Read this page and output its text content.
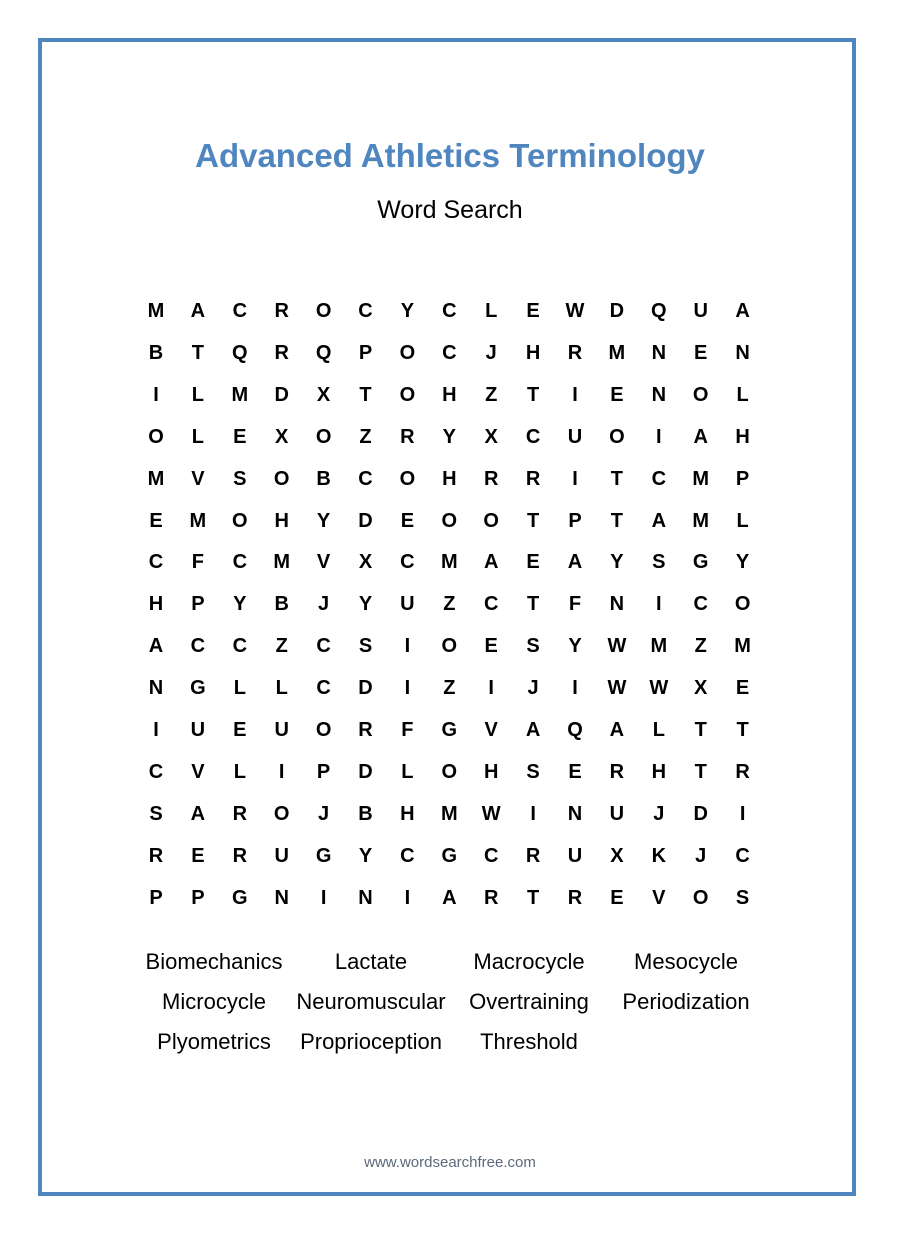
Advanced Athletics Terminology
Word Search
M	A	C	R	O	C	Y	C	L	E	W	D	Q	U	A
B	T	Q	R	Q	P	O	C	J	H	R	M	N	E	N
I	L	M	D	X	T	O	H	Z	T	I	E	N	O	L
O	L	E	X	O	Z	R	Y	X	C	U	O	I	A	H
M	V	S	O	B	C	O	H	R	R	I	T	C	M	P
E	M	O	H	Y	D	E	O	O	T	P	T	A	M	L
C	F	C	M	V	X	C	M	A	E	A	Y	S	G	Y
H	P	Y	B	J	Y	U	Z	C	T	F	N	I	C	O
A	C	C	Z	C	S	I	O	E	S	Y	W	M	Z	M
N	G	L	L	C	D	I	Z	I	J	I	W	W	X	E
I	U	E	U	O	R	F	G	V	A	Q	A	L	T	T
C	V	L	I	P	D	L	O	H	S	E	R	H	T	R
S	A	R	O	J	B	H	M	W	I	N	U	J	D	I
R	E	R	U	G	Y	C	G	C	R	U	X	K	J	C
P	P	G	N	I	N	I	A	R	T	R	E	V	O	S
Biomechanics Lactate	Macrocycle Mesocycle
Microcycle Neuromuscular Overtraining Periodization
Plyometrics Proprioception Threshold
www.wordsearchfree.com
